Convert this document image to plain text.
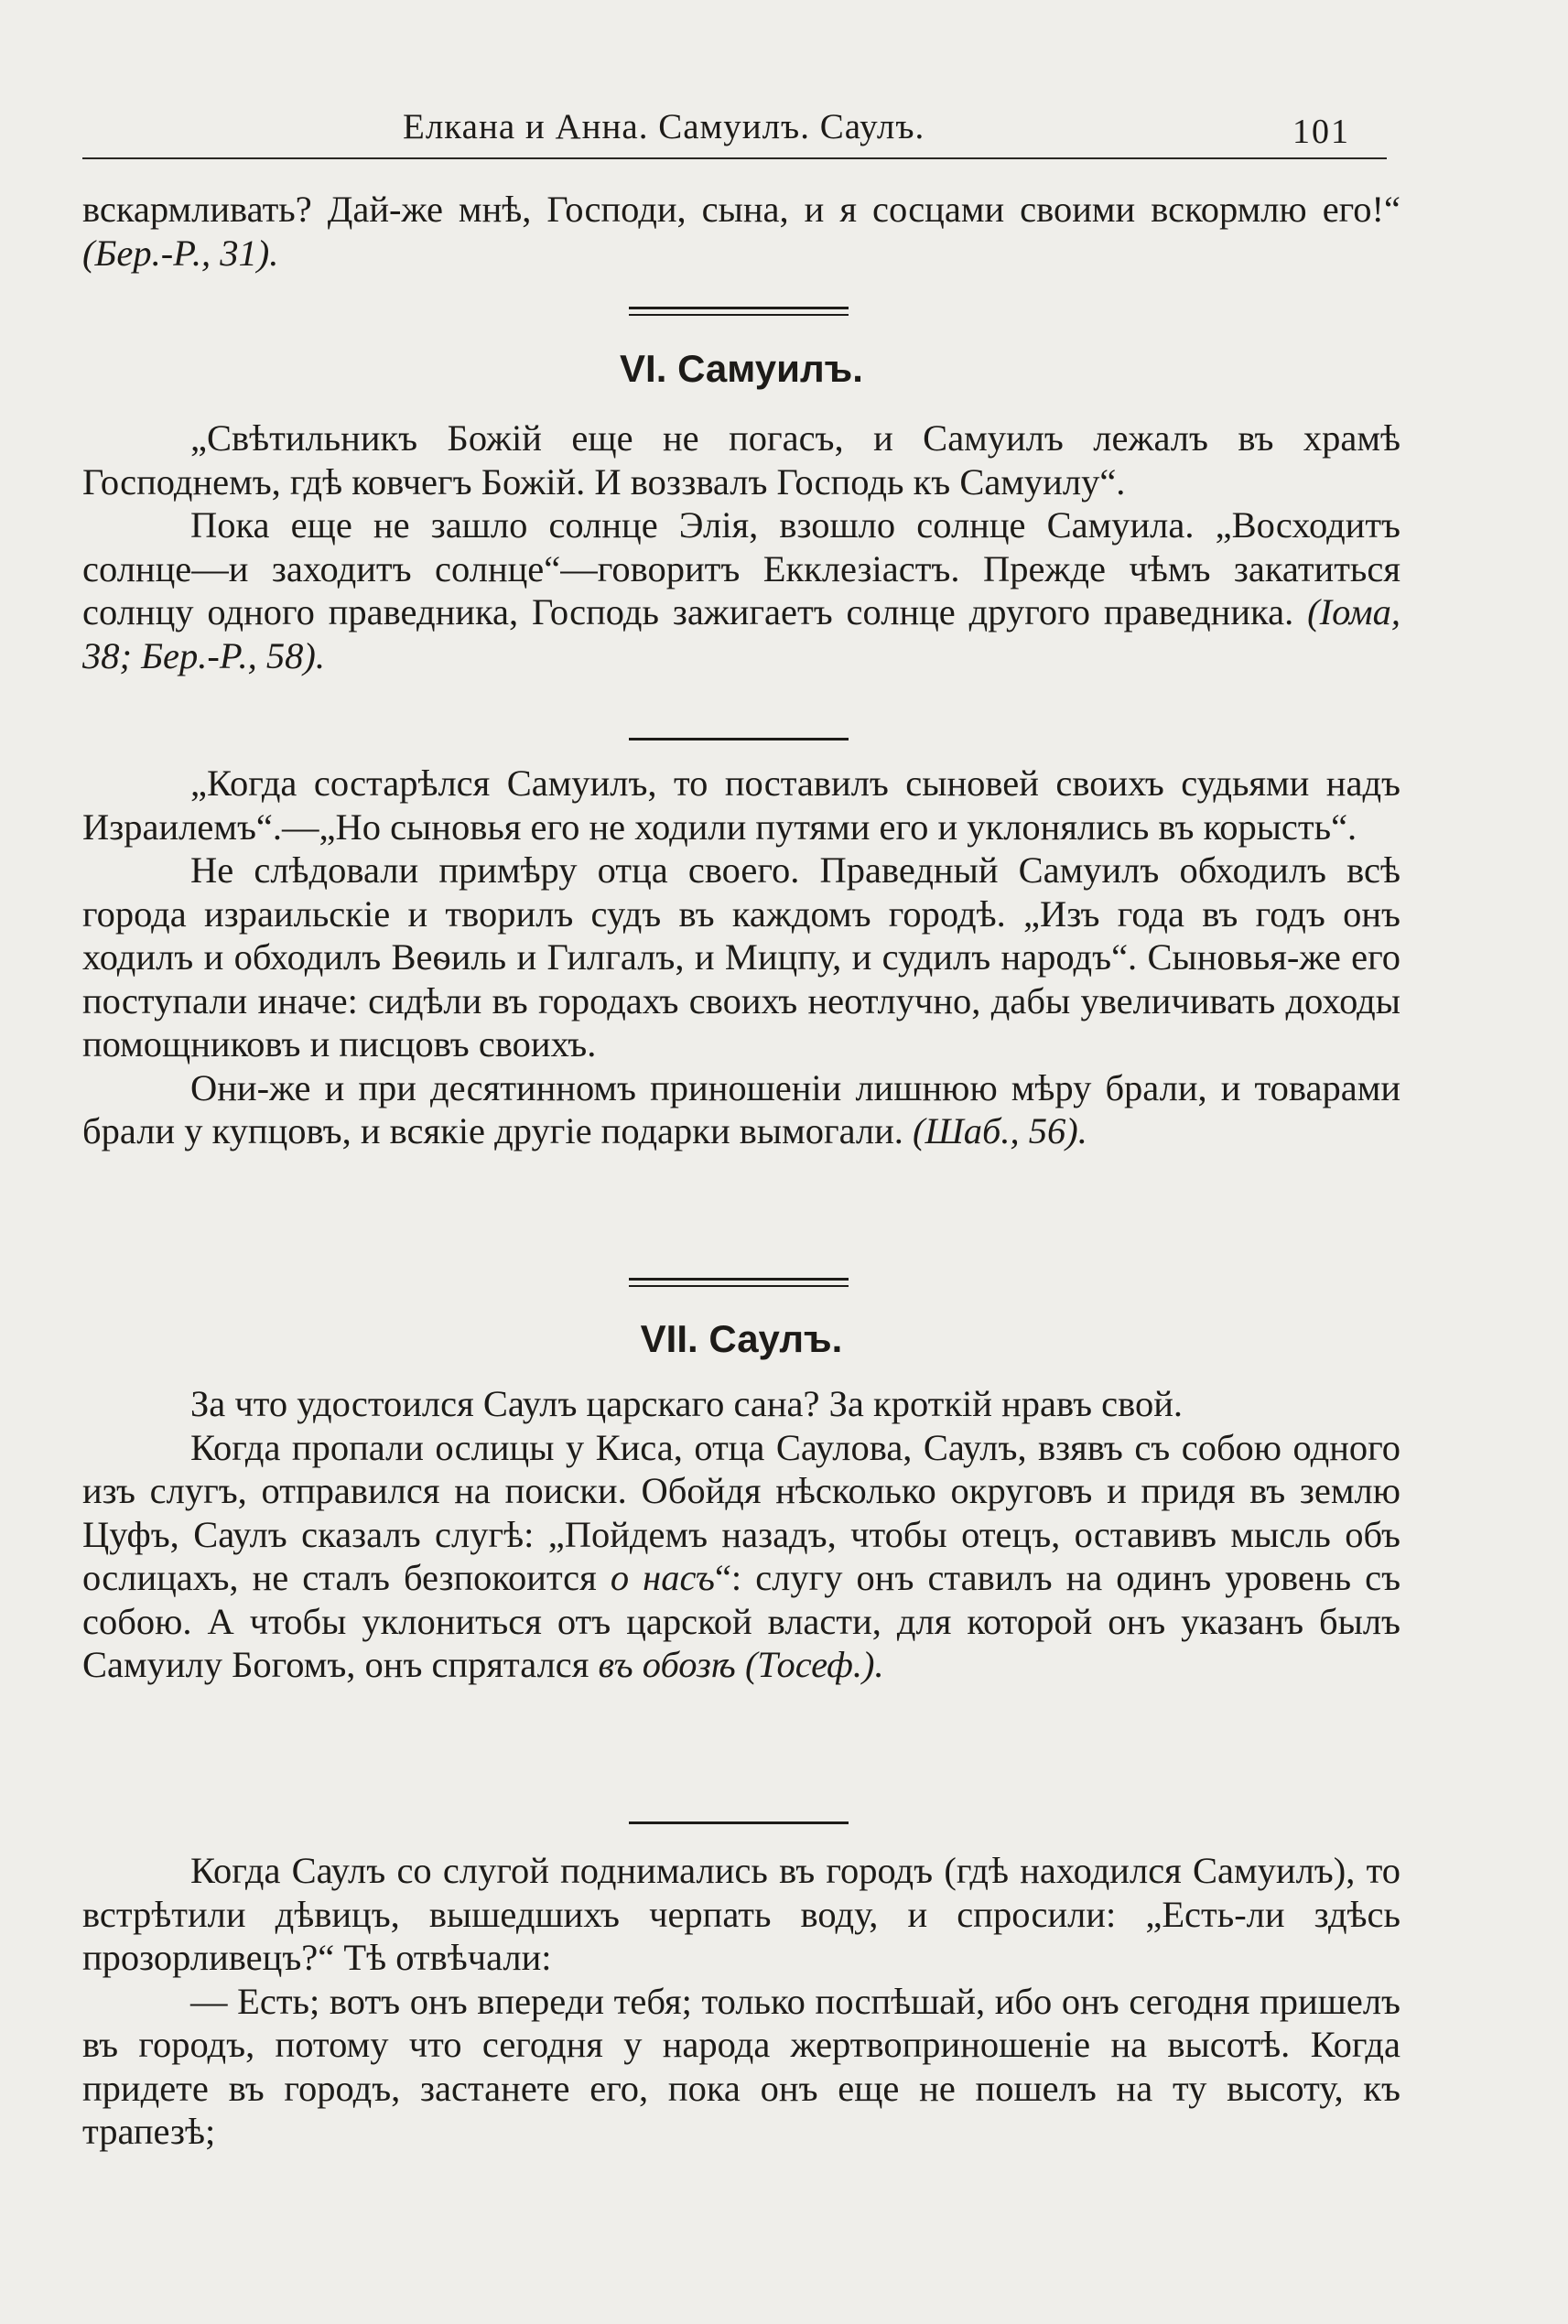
Елкана и Анна. Самуилъ. Саулъ.	101

вскармливать? Дай-же мнѣ, Господи, сына, и я сосцами своими вскормлю его!“ (Бер.-Р., 31).

VI. Самуилъ.

„Свѣтильникъ Божій еще не погасъ, и Самуилъ лежалъ въ храмѣ Господнемъ, гдѣ ковчегъ Божій. И воззвалъ Господь къ Самуилу“.

Пока еще не зашло солнце Элія, взошло солнце Самуила. „Восходитъ солнце—и заходитъ солнце“—говоритъ Екклезіастъ. Прежде чѣмъ закатиться солнцу одного праведника, Господь зажигаетъ солнце другого праведника. (Іома, 38; Бер.-Р., 58).

„Когда состарѣлся Самуилъ, то поставилъ сыновей своихъ судьями надъ Израилемъ“.—„Но сыновья его не ходили путями его и уклонялись въ корысть“.

Не слѣдовали примѣру отца своего. Праведный Самуилъ обходилъ всѣ города израильскіе и творилъ судъ въ каждомъ городѣ. „Изъ года въ годъ онъ ходилъ и обходилъ Веѳиль и Гилгалъ, и Мицпу, и судилъ народъ“. Сыновья-же его поступали иначе: сидѣли въ городахъ своихъ неотлучно, дабы увеличивать доходы помощниковъ и писцовъ своихъ.

Они-же и при десятинномъ приношеніи лишнюю мѣру брали, и товарами брали у купцовъ, и всякіе другіе подарки вымогали. (Шаб., 56).

VII. Саулъ.

За что удостоился Саулъ царскаго сана? За кроткій нравъ свой.

Когда пропали ослицы у Киса, отца Саулова, Саулъ, взявъ съ собою одного изъ слугъ, отправился на поиски. Обойдя нѣсколько округовъ и придя въ землю Цуфъ, Саулъ сказалъ слугѣ: „Пойдемъ назадъ, чтобы отецъ, оставивъ мысль объ ослицахъ, не сталъ безпокоится о насъ“: слугу онъ ставилъ на одинъ уровень съ собою. А чтобы уклониться отъ царской власти, для которой онъ указанъ былъ Самуилу Богомъ, онъ спрятался въ обозѣ (Тосеф.).

Когда Саулъ со слугой поднимались въ городъ (гдѣ находился Самуилъ), то встрѣтили дѣвицъ, вышедшихъ черпать воду, и спросили: „Есть-ли здѣсь прозорливецъ?“ Тѣ отвѣчали:

— Есть; вотъ онъ впереди тебя; только поспѣшай, ибо онъ сегодня пришелъ въ городъ, потому что сегодня у народа жертвоприношеніе на высотѣ. Когда придете въ городъ, застанете его, пока онъ еще не пошелъ на ту высоту, къ трапезѣ;
